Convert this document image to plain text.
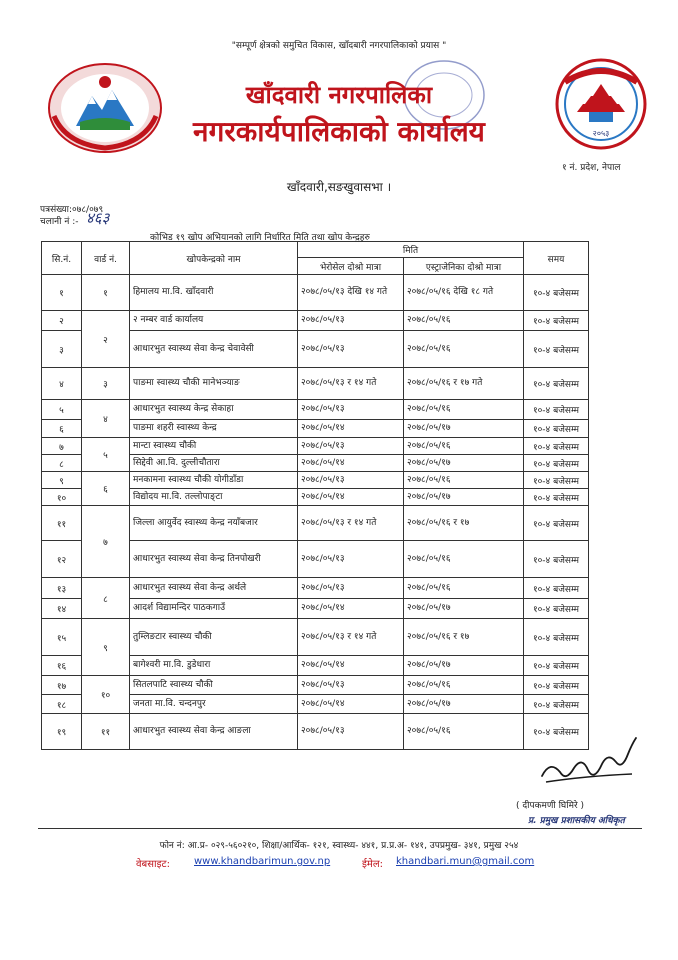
"सम्पूर्ण क्षेत्रको समुचित विकास, खाँदबारी नगरपालिकाको प्रयास "
२०५३
खाँदवारी नगरपालिका
नगरकार्यपालिकाको कार्यालय
१ नं. प्रदेश, नेपाल
खाँदवारी,सङखुवासभा ।
पत्रसंख्या:०७८/०७९
चलानी नं :- ४६३
कोभिड १९ खोप अभियानको लागि निर्धारित मिति तथा खोप केन्द्रहरु
सि.नं.	वार्ड नं.	खोपकेन्द्रको नाम	मिति		समय
			भेरोसेल दोश्रो मात्रा	एस्ट्राजेनिका दोश्रो मात्रा	
१	१	हिमालय मा.वि. खाँदवारी	२०७८/०५/१३ देखि १४ गते	२०७८/०५/१६ देखि १८ गते	१०-४ बजेसम्म
२	२	२ नम्बर वार्ड कार्यालय	२०७८/०५/१३	२०७८/०५/१६	१०-४ बजेसम्म
३		आधारभुत स्वास्थ्य सेवा केन्द्र चेवावेसी	२०७८/०५/१३	२०७८/०५/१६	१०-४ बजेसम्म
४	३	पाङमा स्वास्थ्य चौकी मानेभञ्याङ	२०७८/०५/१३ र १४ गते	२०७८/०५/१६ र १७ गते	१०-४ बजेसम्म
५	४	आधारभुत स्वास्थ्य केन्द्र सेकाहा	२०७८/०५/१३	२०७८/०५/१६	१०-४ बजेसम्म
६		पाङमा शहरी स्वास्थ्य केन्द्र	२०७८/०५/१४	२०७८/०५/१७	१०-४ बजेसम्म
७	५	मान्टा स्वास्थ्य चौकी	२०७८/०५/१३	२०७८/०५/१६	१०-४ बजेसम्म
८		सिद्देवी आ.वि. दुल्लीचौतारा	२०७८/०५/१४	२०७८/०५/१७	१०-४ बजेसम्म
९	६	मनकामना स्वास्थ्य चौकी योगीडाँडा	२०७८/०५/१३	२०७८/०५/१६	१०-४ बजेसम्म
१०		विद्योदय मा.वि. तल्लोपाङ्‌टा	२०७८/०५/१४	२०७८/०५/१७	१०-४ बजेसम्म
११	७	जिल्ला आयुर्वेद स्वास्थ्य केन्द्र नयाँबजार	२०७८/०५/१३ र १४ गते	२०७८/०५/१६ र १७	१०-४ बजेसम्म
१२		आधारभुत स्वास्थ्य सेवा केन्द्र तिनपोखरी	२०७८/०५/१३	२०७८/०५/१६	१०-४ बजेसम्म
१३	८	आधारभुत स्वास्थ्य सेवा केन्द्र अर्थले	२०७८/०५/१३	२०७८/०५/१६	१०-४ बजेसम्म
१४		आदर्श विद्यामन्दिर पाठकगाउँ	२०७८/०५/१४	२०७८/०५/१७	१०-४ बजेसम्म
१५	९	तुम्लिङटार स्वास्थ्य चौकी	२०७८/०५/१३ र १४ गते	२०७८/०५/१६ र १७	१०-४ बजेसम्म
१६		बागेश्वरी मा.वि. डुडेधारा	२०७८/०५/१४	२०७८/०५/१७	१०-४ बजेसम्म
१७	१०	सितलपाटि स्वास्थ्य चौकी	२०७८/०५/१३	२०७८/०५/१६	१०-४ बजेसम्म
१८		जनता मा.वि. चन्दनपुर	२०७८/०५/१४	२०७८/०५/१७	१०-४ बजेसम्म
१९	११	आधारभुत स्वास्थ्य सेवा केन्द्र आङला	२०७८/०५/१३	२०७८/०५/१६	१०-४ बजेसम्म
( दीपकमणी घिमिरे )
प्र. प्रमुख प्रशासकीय अधिकृत
फोन नं: आ.प्र- ०२९-५६०२१०, शिक्षा/आर्थिक- १२१, स्वास्थ्य- ४४१, प्र.प्र.अ- १४१, उपप्रमुख- ३४१, प्रमुख २५४
वेबसाइट: www.khandbarimun.gov.np	ईमेल: khandbari.mun@gmail.com
